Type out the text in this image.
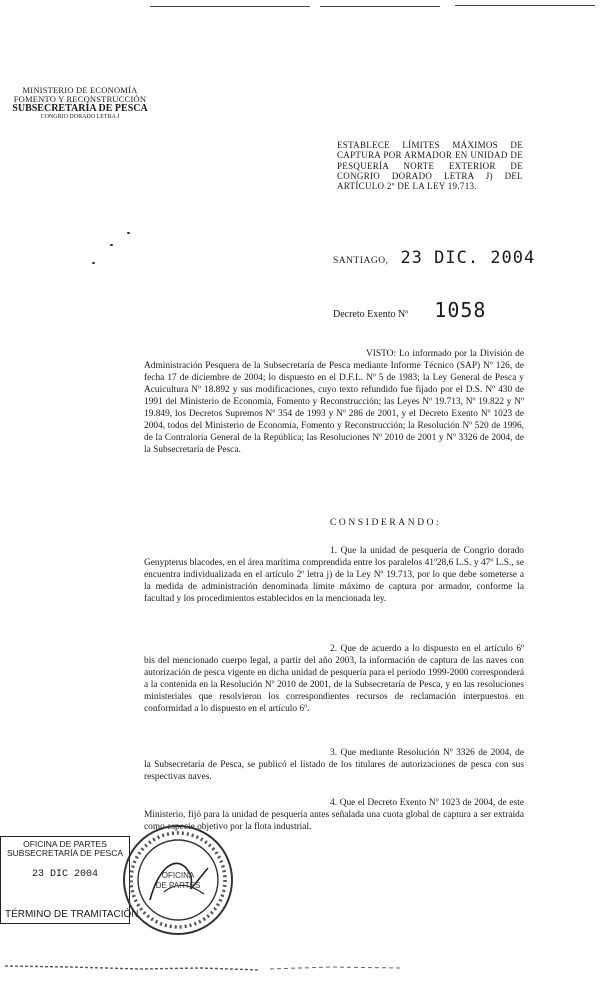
MINISTERIO DE ECONOMÍA
FOMENTO Y RECONSTRUCCIÓN
SUBSECRETARÍA DE PESCA
CONGRIO DORADO LETRA J
ESTABLECE LÍMITES MÁXIMOS DE CAPTURA POR ARMADOR EN UNIDAD DE PESQUERÍA NORTE EXTERIOR DE CONGRIO DORADO LETRA J) DEL ARTÍCULO 2º DE LA LEY 19.713.
SANTIAGO, 23 DIC. 2004
Decreto Exento Nº 1058
VISTO: Lo informado por la División de Administración Pesquera de la Subsecretaría de Pesca mediante Informe Técnico (SAP) Nº 126, de fecha 17 de diciembre de 2004; lo dispuesto en el D.F.L. Nº 5 de 1983; la Ley General de Pesca y Acuicultura Nº 18.892 y sus modificaciones, cuyo texto refundido fue fijado por el D.S. Nº 430 de 1991 del Ministerio de Economía, Fomento y Reconstrucción; las Leyes Nº 19.713, Nº 19.822 y Nº 19.849, los Decretos Supremos Nº 354 de 1993 y Nº 286 de 2001, y el Decreto Exento Nº 1023 de 2004, todos del Ministerio de Economía, Fomento y Reconstrucción; la Resolución Nº 520 de 1996, de la Contraloría General de la República; las Resoluciones Nº 2010 de 2001 y Nº 3326 de 2004, de la Subsecretaría de Pesca.
CONSIDERANDO:
1. Que la unidad de pesquería de Congrio dorado Genypterus blacodes, en el área marítima comprendida entre los paralelos 41º28,6 L.S. y 47º L.S., se encuentra individualizada en el artículo 2º letra j) de la Ley Nº 19.713, por lo que debe someterse a la medida de administración denominada límite máximo de captura por armador, conforme la facultad y los procedimientos establecidos en la mencionada ley.
2. Que de acuerdo a lo dispuesto en el artículo 6º bis del mencionado cuerpo legal, a partir del año 2003, la información de captura de las naves con autorización de pesca vigente en dicha unidad de pesquería para el período 1999-2000 corresponderá a la contenida en la Resolución Nº 2010 de 2001, de la Subsecretaría de Pesca, y en las resoluciones ministeriales que resolvieron los correspondientes recursos de reclamación interpuestos en conformidad a lo dispuesto en el artículo 6º.
3. Que mediante Resolución Nº 3326 de 2004, de la Subsecretaría de Pesca, se publicó el listado de los titulares de autorizaciones de pesca con sus respectivas naves.
4. Que el Decreto Exento Nº 1023 de 2004, de este Ministerio, fijó para la unidad de pesquería antes señalada una cuota global de captura a ser extraída como especie objetivo por la flota industrial.
OFICINA DE PARTES
SUBSECRETARÍA DE PESCA
23 DIC 2004
TÉRMINO DE TRAMITACIÓN
OFICINA
DE PARTES
